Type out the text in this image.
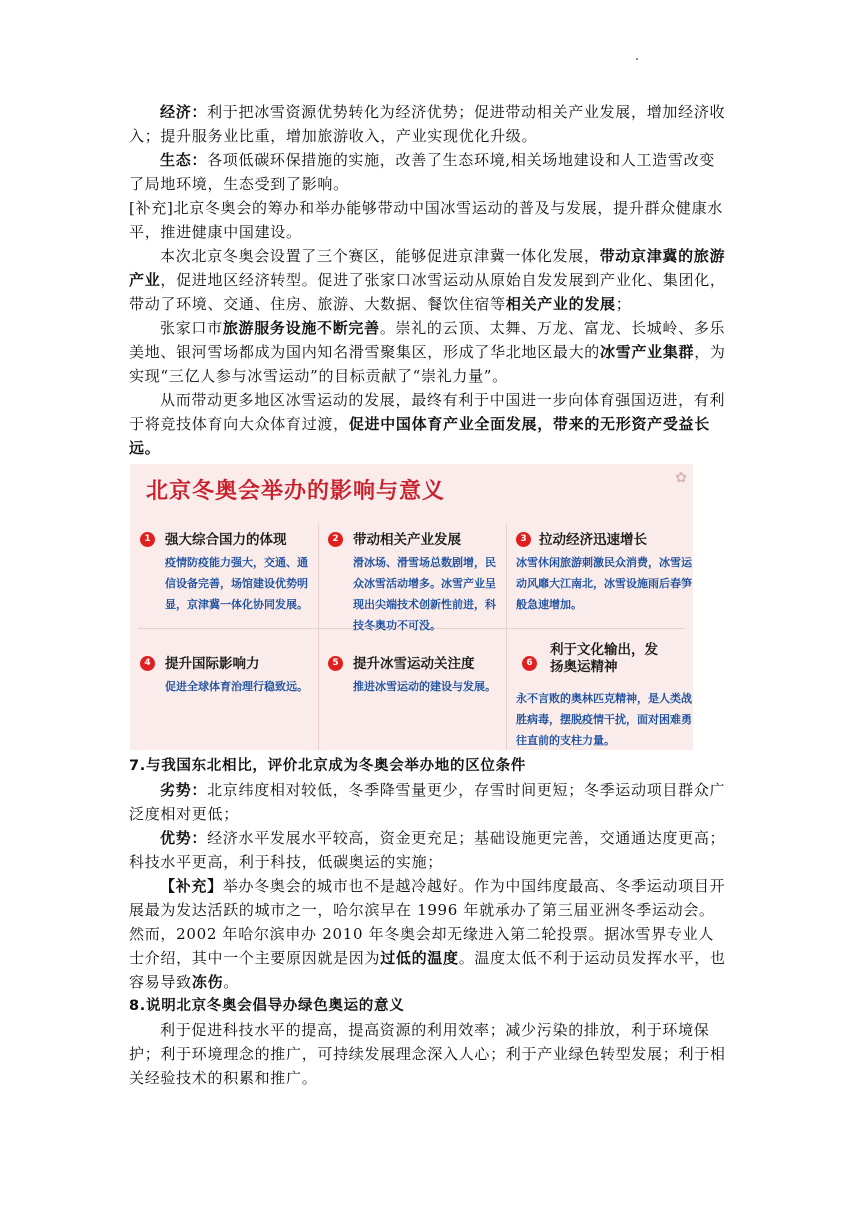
经济：利于把冰雪资源优势转化为经济优势；促进带动相关产业发展，增加经济收入；提升服务业比重，增加旅游收入，产业实现优化升级。

生态：各项低碳环保措施的实施，改善了生态环境,相关场地建设和人工造雪改变了局地环境，生态受到了影响。

[补充]北京冬奥会的筹办和举办能够带动中国冰雪运动的普及与发展，提升群众健康水平，推进健康中国建设。

本次北京冬奥会设置了三个赛区，能够促进京津冀一体化发展，带动京津冀的旅游产业，促进地区经济转型。促进了张家口冰雪运动从原始自发发展到产业化、集团化，带动了环境、交通、住房、旅游、大数据、餐饮住宿等相关产业的发展；

张家口市旅游服务设施不断完善。崇礼的云顶、太舞、万龙、富龙、长城岭、多乐美地、银河雪场都成为国内知名滑雪聚集区，形成了华北地区最大的冰雪产业集群，为实现“三亿人参与冰雪运动”的目标贡献了“崇礼力量”。

从而带动更多地区冰雪运动的发展，最终有利于中国进一步向体育强国迈进，有利于将竞技体育向大众体育过渡，促进中国体育产业全面发展，带来的无形资产受益长远。

北京冬奥会举办的影响与意义
✿
1	强大综合国力的体现
疫情防疫能力强大，交通、通信设备完善，场馆建设优势明显，京津冀一体化协同发展。
2	带动相关产业发展
滑冰场、滑雪场总数剧增，民众冰雪活动增多。冰雪产业呈现出尖端技术创新性前进，科技冬奥功不可没。
3 拉动经济迅速增长
冰雪休闲旅游刺激民众消费，冰雪运动风靡大江南北，冰雪设施雨后春笋般急速增加。
4	提升国际影响力
促进全球体育治理行稳致远。
5	提升冰雪运动关注度
推进冰雪运动的建设与发展。
6
利于文化输出，发扬奥运精神
永不言败的奥林匹克精神，是人类战胜病毒，摆脱疫情干扰，面对困难勇往直前的支柱力量。

7.与我国东北相比，评价北京成为冬奥会举办地的区位条件

劣势：北京纬度相对较低，冬季降雪量更少，存雪时间更短；冬季运动项目群众广泛度相对更低；

优势：经济水平发展水平较高，资金更充足；基础设施更完善，交通通达度更高；科技水平更高，利于科技，低碳奥运的实施；

【补充】举办冬奥会的城市也不是越冷越好。作为中国纬度最高、冬季运动项目开展最为发达活跃的城市之一，哈尔滨早在 1996 年就承办了第三届亚洲冬季运动会。然而，2002 年哈尔滨申办 2010 年冬奥会却无缘进入第二轮投票。据冰雪界专业人士介绍，其中一个主要原因就是因为过低的温度。温度太低不利于运动员发挥水平，也容易导致冻伤。

8.说明北京冬奥会倡导办绿色奥运的意义

利于促进科技水平的提高，提高资源的利用效率；减少污染的排放，利于环境保护；利于环境理念的推广，可持续发展理念深入人心；利于产业绿色转型发展；利于相关经验技术的积累和推广。
